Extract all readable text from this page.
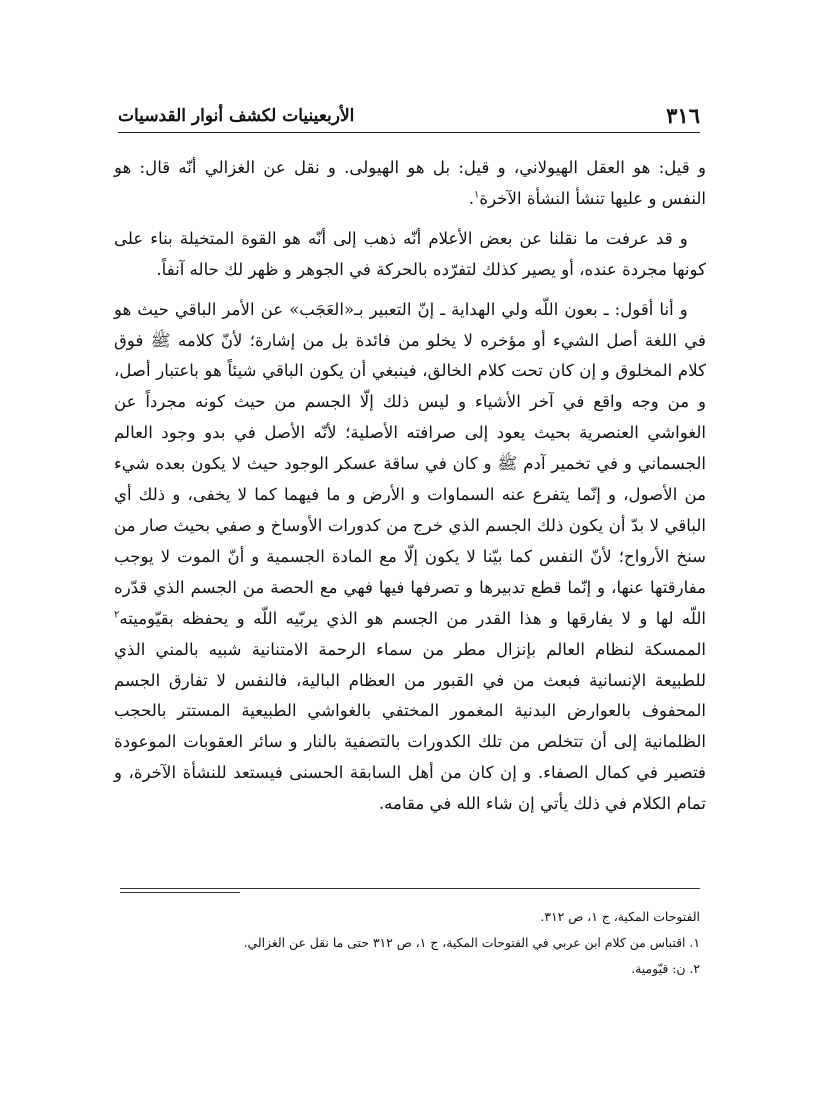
٣١٦
الأربعينيات لكشف أنوار القدسيات

و قيل: هو العقل الهيولاني، و قيل: بل هو الهيولى. و نقل عن الغزالي أنّه قال: هو النفس و عليها تنشأ النشأة الآخرة$^١$.

و قد عرفت ما نقلنا عن بعض الأعلام أنّه ذهب إلى أنّه هو القوة المتخيلة بناء على كونها مجردة عنده، أو يصير كذلك لتفرّده بالحركة في الجوهر و ظهر لك حاله آنفاً.

و أنا أقول: ـ بعون اللّه ولي الهداية ـ إنّ التعبير بـ«العَجَب» عن الأمر الباقي حيث هو في اللغة أصل الشيء أو مؤخره لا يخلو من فائدة بل من إشارة؛ لأنّ كلامه ﷺ فوق كلام المخلوق و إن كان تحت كلام الخالق، فينبغي أن يكون الباقي شيئاً هو باعتبار أصل، و من وجه واقع في آخر الأشياء و ليس ذلك إلّا الجسم من حيث كونه مجرداً عن الغواشي العنصرية بحيث يعود إلى صرافته الأصلية؛ لأنّه الأصل في بدو وجود العالم الجسماني و في تخمير آدم ﷺ و كان في ساقة عسكر الوجود حيث لا يكون بعده شيء من الأصول، و إنّما يتفرع عنه السماوات و الأرض و ما فيهما كما لا يخفى، و ذلك أي الباقي لا بدّ أن يكون ذلك الجسم الذي خرج من كدورات الأوساخ و صفي بحيث صار من سنخ الأرواح؛ لأنّ النفس كما بيّنا لا يكون إلّا مع المادة الجسمية و أنّ الموت لا يوجب مفارقتها عنها، و إنّما قطع تدبيرها و تصرفها فيها فهي مع الحصة من الجسم الذي قدّره اللّه لها و لا يفارقها و هذا القدر من الجسم هو الذي يربّيه اللّه و يحفظه بقيّوميته$^٢$ الممسكة لنظام العالم بإنزال مطر من سماء الرحمة الامتنانية شبيه بالمني الذي للطبيعة الإنسانية فبعث من في القبور من العظام البالية، فالنفس لا تفارق الجسم المحفوف بالعوارض البدنية المغمور المختفي بالغواشي الطبيعية المستتر بالحجب الظلمانية إلى أن تتخلص من تلك الكدورات بالتصفية بالنار و سائر العقوبات الموعودة فتصير في كمال الصفاء. و إن كان من أهل السابقة الحسنى فيستعد للنشأة الآخرة، و تمام الكلام في ذلك يأتي إن شاء الله في مقامه.

الفتوحات المكية، ج ١، ص ٣١٢.
١. اقتباس من كلام ابن عربي في الفتوحات المكية، ج ١، ص ٣١٢ حتى ما نقل عن الغزالي.
٢. ن: قيّومية.
